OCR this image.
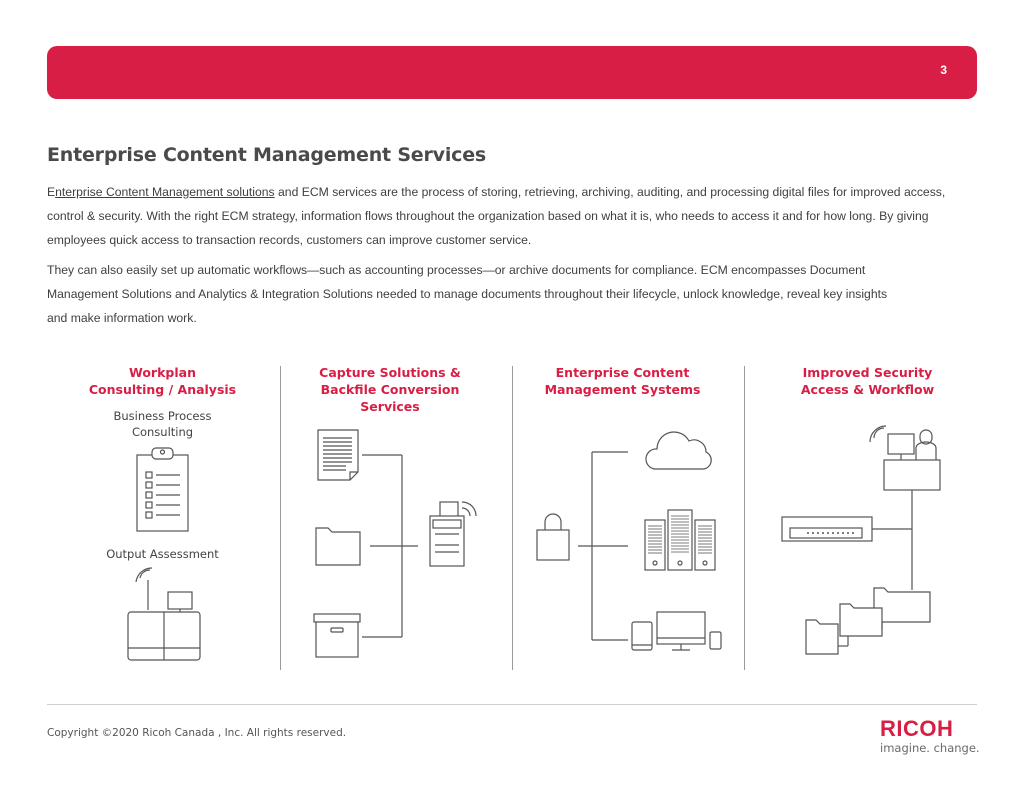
3
Enterprise Content Management Services
Enterprise Content Management solutions and ECM services are the process of storing, retrieving, archiving, auditing, and processing digital files for improved access, control & security. With the right ECM strategy, information flows throughout the organization based on what it is, who needs to access it and for how long. By giving employees quick access to transaction records, customers can improve customer service.
They can also easily set up automatic workflows—such as accounting processes—or archive documents for compliance. ECM encompasses Document Management Solutions and Analytics & Integration Solutions needed to manage documents throughout their lifecycle, unlock knowledge, reveal key insights and make information work.
Workplan
Consulting / Analysis
Capture Solutions &
Backfile Conversion Services
Enterprise Content
Management Systems
Improved Security
Access & Workflow
Business Process
Consulting
Output Assessment
Copyright ©2020 Ricoh Canada , Inc. All rights reserved.	RICOH
imagine. change.
